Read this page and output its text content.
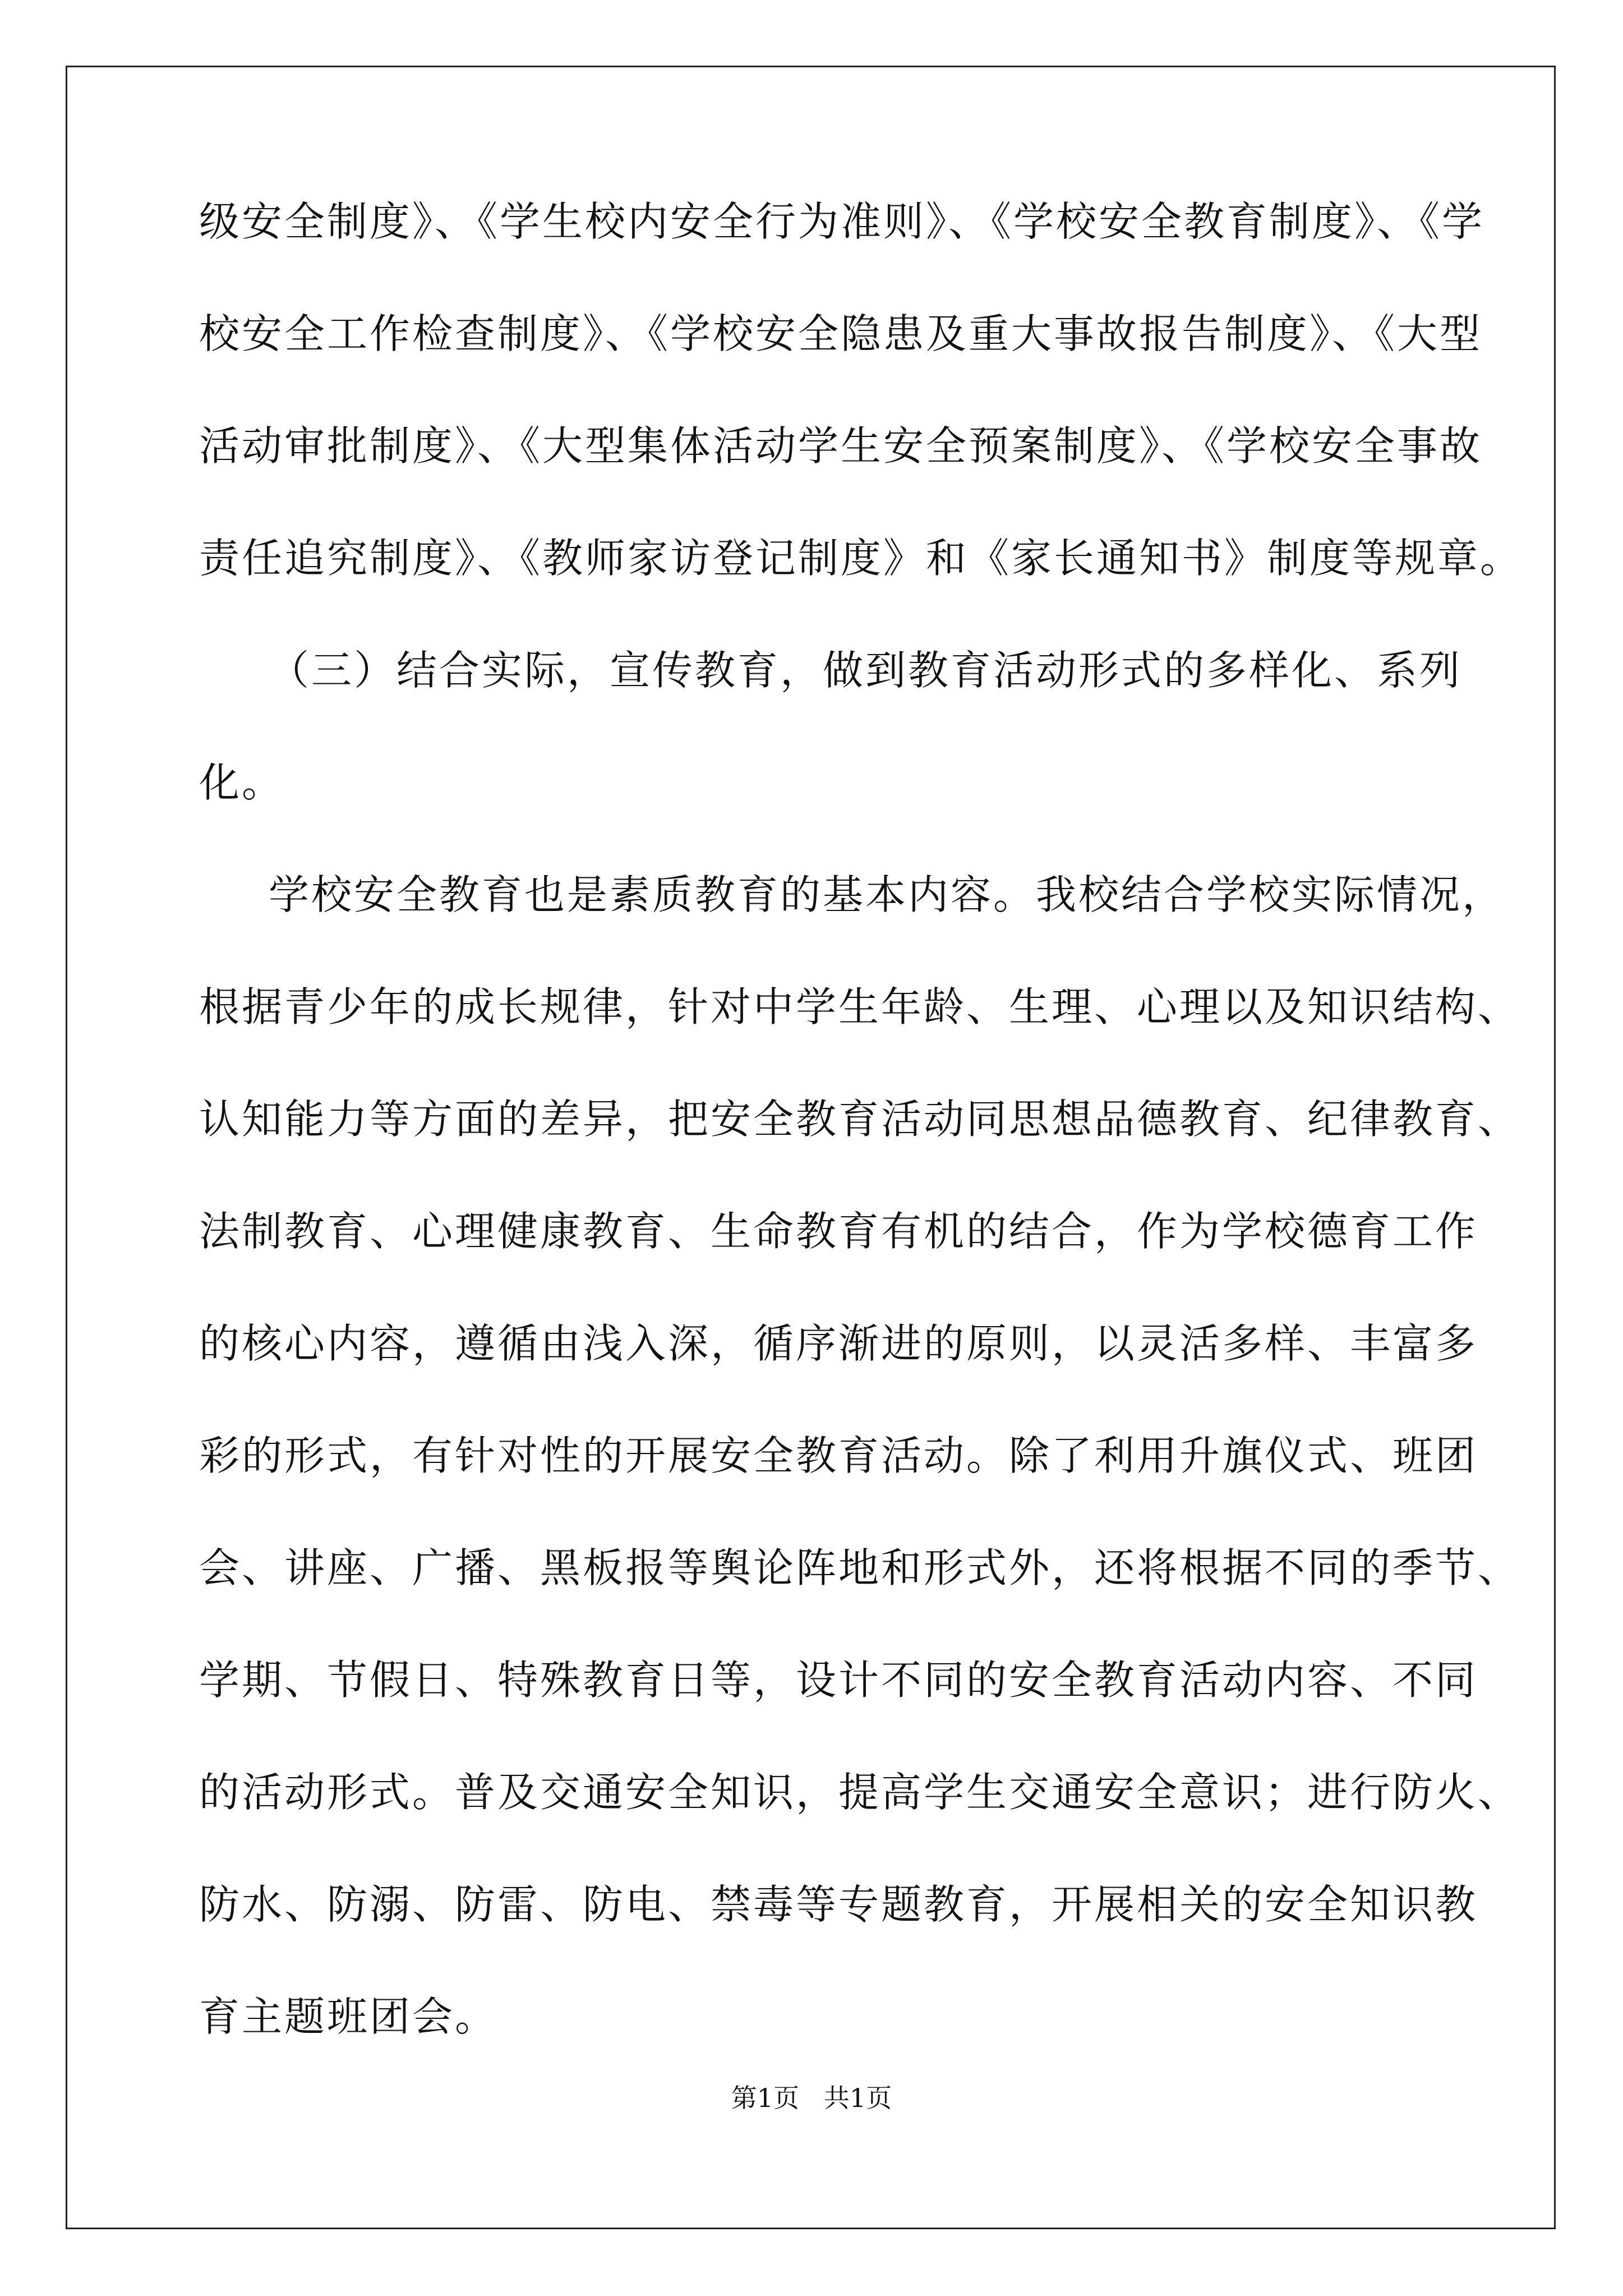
级安全制度》、《学生校内安全行为准则》、《学校安全教育制度》、《学
校安全工作检查制度》、《学校安全隐患及重大事故报告制度》、《大型
活动审批制度》、《大型集体活动学生安全预案制度》、《学校安全事故
责任追究制度》、《教师家访登记制度》和《家长通知书》制度等规章。
（三）结合实际，宣传教育，做到教育活动形式的多样化、系列
化。
学校安全教育也是素质教育的基本内容。我校结合学校实际情况，
根据青少年的成长规律，针对中学生年龄、生理、心理以及知识结构、
认知能力等方面的差异，把安全教育活动同思想品德教育、纪律教育、
法制教育、心理健康教育、生命教育有机的结合，作为学校德育工作
的核心内容，遵循由浅入深，循序渐进的原则，以灵活多样、丰富多
彩的形式，有针对性的开展安全教育活动。除了利用升旗仪式、班团
会、讲座、广播、黑板报等舆论阵地和形式外，还将根据不同的季节、
学期、节假日、特殊教育日等，设计不同的安全教育活动内容、不同
的活动形式。普及交通安全知识，提高学生交通安全意识；进行防火、
防水、防溺、防雷、防电、禁毒等专题教育，开展相关的安全知识教
育主题班团会。
第1页   共1页
